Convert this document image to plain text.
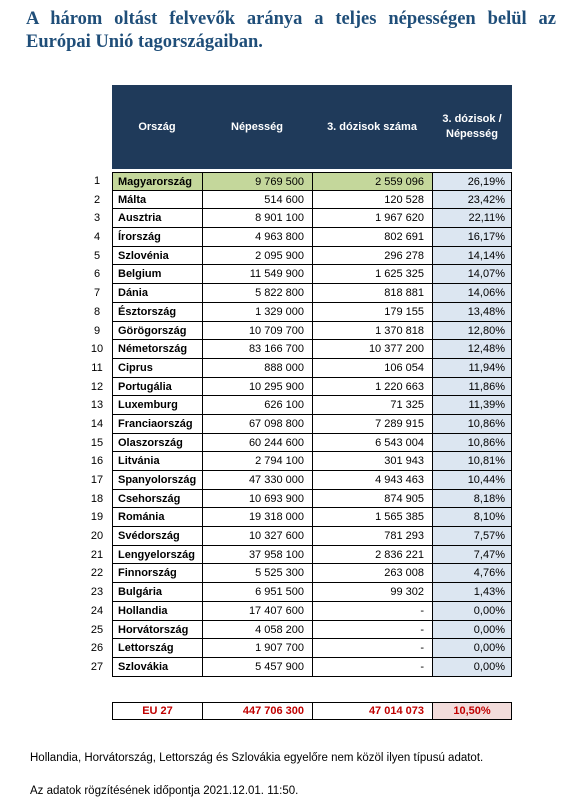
A három oltást felvevők aránya a teljes népességen belül az Európai Unió tagországaiban.
Ország	Népesség	3. dózisok száma
3. dózisok /
Népesség
1	Magyarország	9 769 500	2 559 096	26,19%
2	Málta	514 600	120 528	23,42%
3	Ausztria	8 901 100	1 967 620	22,11%
4	Írország	4 963 800	802 691	16,17%
5	Szlovénia	2 095 900	296 278	14,14%
6	Belgium	11 549 900	1 625 325	14,07%
7	Dánia	5 822 800	818 881	14,06%
8	Észtország	1 329 000	179 155	13,48%
9	Görögország	10 709 700	1 370 818	12,80%
10	Németország	83 166 700	10 377 200	12,48%
11	Ciprus	888 000	106 054	11,94%
12	Portugália	10 295 900	1 220 663	11,86%
13	Luxemburg	626 100	71 325	11,39%
14	Franciaország	67 098 800	7 289 915	10,86%
15	Olaszország	60 244 600	6 543 004	10,86%
16	Litvánia	2 794 100	301 943	10,81%
17	Spanyolország	47 330 000	4 943 463	10,44%
18	Csehország	10 693 900	874 905	8,18%
19	Románia	19 318 000	1 565 385	8,10%
20	Svédország	10 327 600	781 293	7,57%
21	Lengyelország	37 958 100	2 836 221	7,47%
22	Finnország	5 525 300	263 008	4,76%
23	Bulgária	6 951 500	99 302	1,43%
24	Hollandia	17 407 600	-	0,00%
25	Horvátország	4 058 200	-	0,00%
26	Lettország	1 907 700	-	0,00%
27	Szlovákia	5 457 900	-	0,00%
EU 27	447 706 300	47 014 073	10,50%
Hollandia, Horvátország, Lettország és Szlovákia egyelőre nem közöl ilyen típusú adatot.
Az adatok rögzítésének időpontja 2021.12.01. 11:50.
